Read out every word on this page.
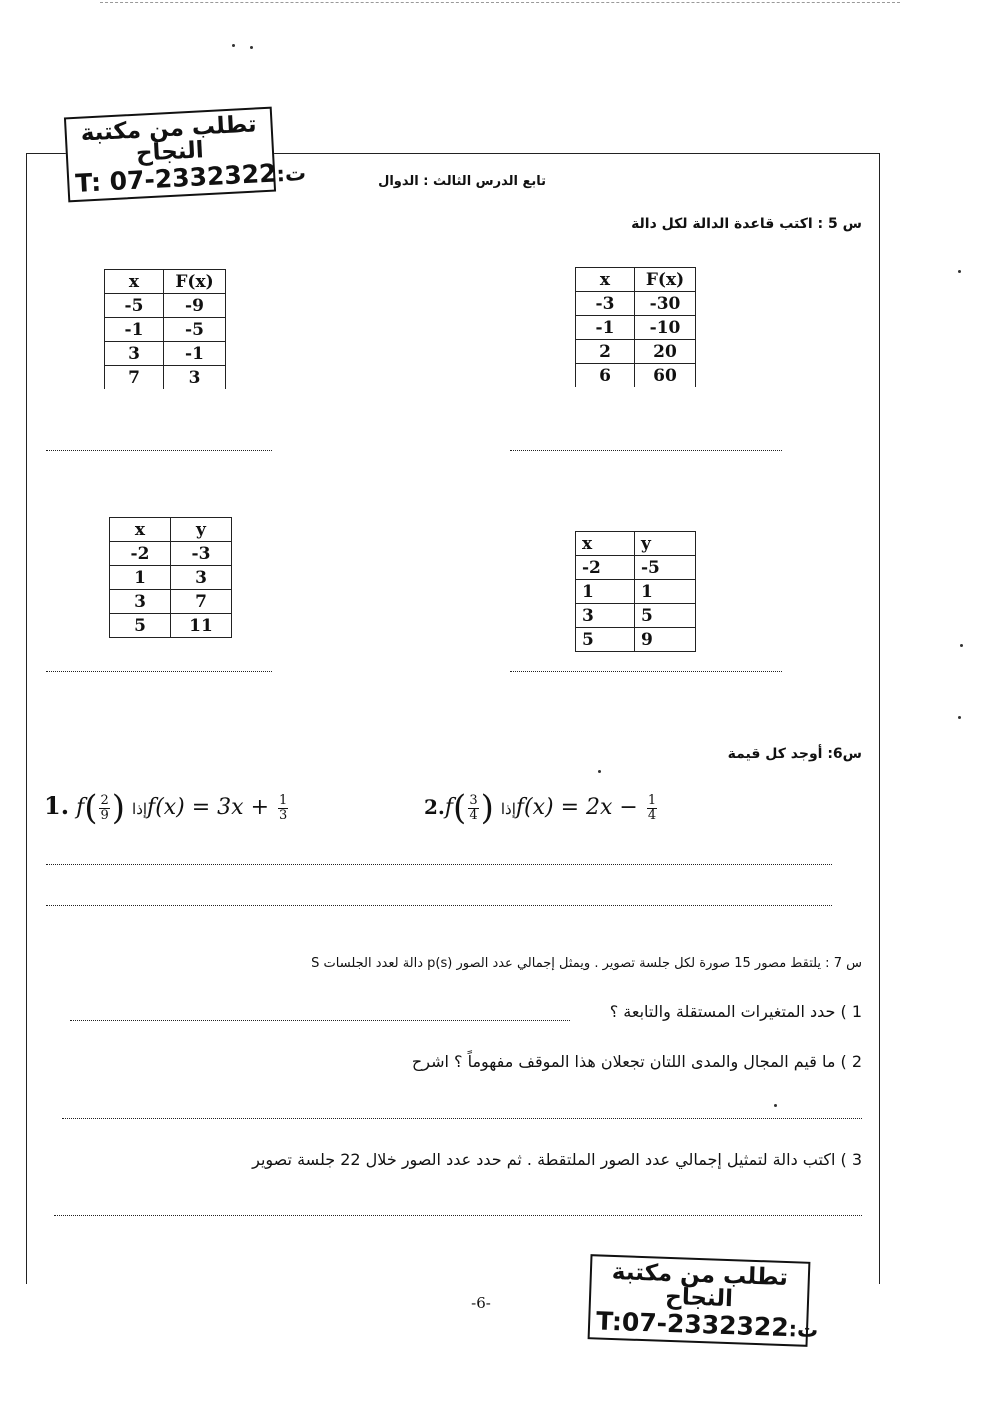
تطلب من مكتبة النجاح
T: 07-2332322:ت	تابع الدرس الثالث : الدوال
س 5 : اكتب قاعدة الدالة لكل دالة
x	F(x)
-5	-9
-1	-5
3	-1
7	3
x	F(x)
-3	-30
-1	-10
2	20
6	60
x	y
-2	-3
1	3
3	7
5	11
x	y
-2	-5
1	1
3	5
5	9
س6: أوجد كل قيمة
1. $f( \frac{2}{9}$ ) إذاf(x) = $3x + \frac{1}{3}$	$2.f( \frac{3}{4}$ ) إذاf(x) = $2x - \frac{1}{4}$
س 7 : يلتقط مصور 15 صورة لكل جلسة تصوير . ويمثل إجمالي عدد الصور p(s) دالة لعدد الجلسات S
1 ) حدد المتغيرات المستقلة والتابعة ؟
2 ) ما قيم المجال والمدى اللتان تجعلان هذا الموقف مفهوماً ؟ اشرح
3 ) اكتب دالة لتمثيل إجمالي عدد الصور الملتقطة . ثم حدد عدد الصور خلال 22 جلسة تصوير
تطلب من مكتبة النجاح
T:07-2332322:ت
-6-
